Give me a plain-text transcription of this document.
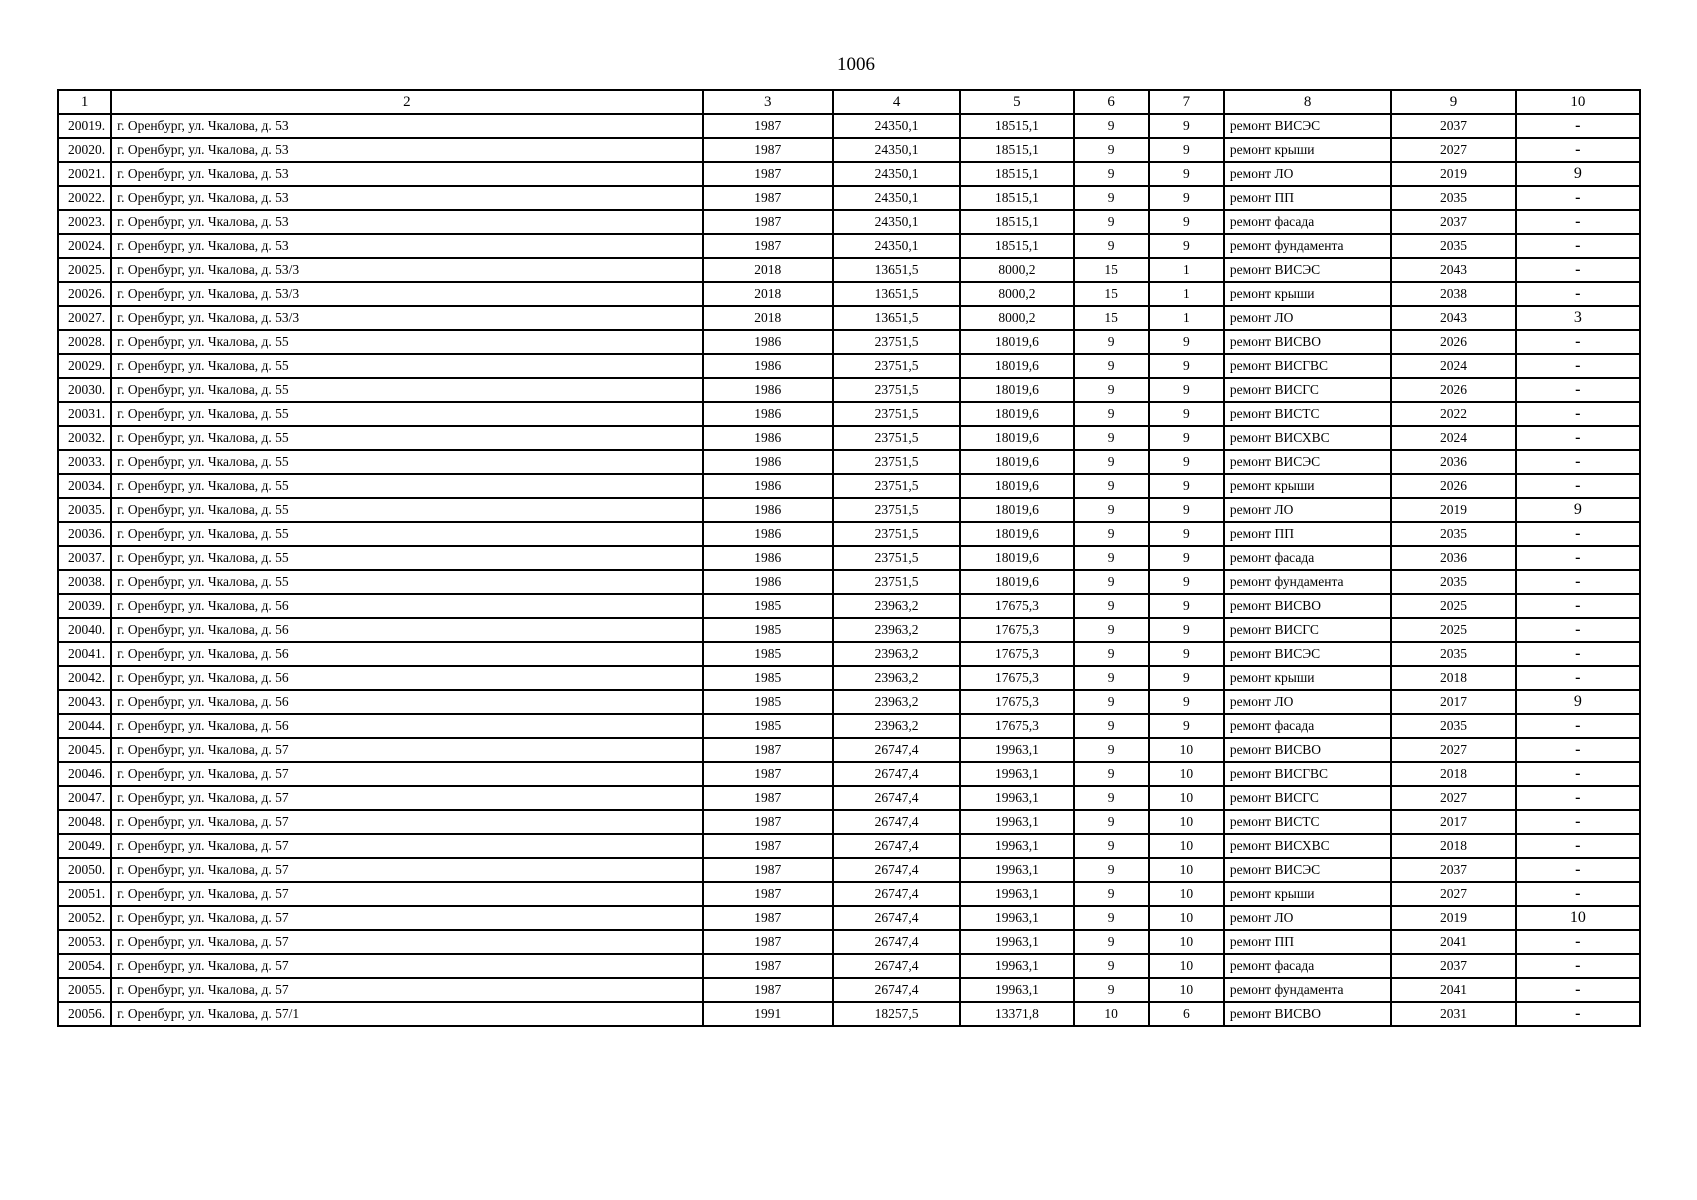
1006
1	2	3	4	5	6	7	8	9	10
20019.	г. Оренбург, ул. Чкалова, д. 53	1987	24350,1	18515,1	9	9	ремонт ВИСЭС	2037	-
20020.	г. Оренбург, ул. Чкалова, д. 53	1987	24350,1	18515,1	9	9	ремонт крыши	2027	-
20021.	г. Оренбург, ул. Чкалова, д. 53	1987	24350,1	18515,1	9	9	ремонт ЛО	2019	9
20022.	г. Оренбург, ул. Чкалова, д. 53	1987	24350,1	18515,1	9	9	ремонт ПП	2035	-
20023.	г. Оренбург, ул. Чкалова, д. 53	1987	24350,1	18515,1	9	9	ремонт фасада	2037	-
20024.	г. Оренбург, ул. Чкалова, д. 53	1987	24350,1	18515,1	9	9	ремонт фундамента	2035	-
20025.	г. Оренбург, ул. Чкалова, д. 53/3	2018	13651,5	8000,2	15	1	ремонт ВИСЭС	2043	-
20026.	г. Оренбург, ул. Чкалова, д. 53/3	2018	13651,5	8000,2	15	1	ремонт крыши	2038	-
20027.	г. Оренбург, ул. Чкалова, д. 53/3	2018	13651,5	8000,2	15	1	ремонт ЛО	2043	3
20028.	г. Оренбург, ул. Чкалова, д. 55	1986	23751,5	18019,6	9	9	ремонт ВИСВО	2026	-
20029.	г. Оренбург, ул. Чкалова, д. 55	1986	23751,5	18019,6	9	9	ремонт ВИСГВС	2024	-
20030.	г. Оренбург, ул. Чкалова, д. 55	1986	23751,5	18019,6	9	9	ремонт ВИСГС	2026	-
20031.	г. Оренбург, ул. Чкалова, д. 55	1986	23751,5	18019,6	9	9	ремонт ВИСТС	2022	-
20032.	г. Оренбург, ул. Чкалова, д. 55	1986	23751,5	18019,6	9	9	ремонт ВИСХВС	2024	-
20033.	г. Оренбург, ул. Чкалова, д. 55	1986	23751,5	18019,6	9	9	ремонт ВИСЭС	2036	-
20034.	г. Оренбург, ул. Чкалова, д. 55	1986	23751,5	18019,6	9	9	ремонт крыши	2026	-
20035.	г. Оренбург, ул. Чкалова, д. 55	1986	23751,5	18019,6	9	9	ремонт ЛО	2019	9
20036.	г. Оренбург, ул. Чкалова, д. 55	1986	23751,5	18019,6	9	9	ремонт ПП	2035	-
20037.	г. Оренбург, ул. Чкалова, д. 55	1986	23751,5	18019,6	9	9	ремонт фасада	2036	-
20038.	г. Оренбург, ул. Чкалова, д. 55	1986	23751,5	18019,6	9	9	ремонт фундамента	2035	-
20039.	г. Оренбург, ул. Чкалова, д. 56	1985	23963,2	17675,3	9	9	ремонт ВИСВО	2025	-
20040.	г. Оренбург, ул. Чкалова, д. 56	1985	23963,2	17675,3	9	9	ремонт ВИСГС	2025	-
20041.	г. Оренбург, ул. Чкалова, д. 56	1985	23963,2	17675,3	9	9	ремонт ВИСЭС	2035	-
20042.	г. Оренбург, ул. Чкалова, д. 56	1985	23963,2	17675,3	9	9	ремонт крыши	2018	-
20043.	г. Оренбург, ул. Чкалова, д. 56	1985	23963,2	17675,3	9	9	ремонт ЛО	2017	9
20044.	г. Оренбург, ул. Чкалова, д. 56	1985	23963,2	17675,3	9	9	ремонт фасада	2035	-
20045.	г. Оренбург, ул. Чкалова, д. 57	1987	26747,4	19963,1	9	10	ремонт ВИСВО	2027	-
20046.	г. Оренбург, ул. Чкалова, д. 57	1987	26747,4	19963,1	9	10	ремонт ВИСГВС	2018	-
20047.	г. Оренбург, ул. Чкалова, д. 57	1987	26747,4	19963,1	9	10	ремонт ВИСГС	2027	-
20048.	г. Оренбург, ул. Чкалова, д. 57	1987	26747,4	19963,1	9	10	ремонт ВИСТС	2017	-
20049.	г. Оренбург, ул. Чкалова, д. 57	1987	26747,4	19963,1	9	10	ремонт ВИСХВС	2018	-
20050.	г. Оренбург, ул. Чкалова, д. 57	1987	26747,4	19963,1	9	10	ремонт ВИСЭС	2037	-
20051.	г. Оренбург, ул. Чкалова, д. 57	1987	26747,4	19963,1	9	10	ремонт крыши	2027	-
20052.	г. Оренбург, ул. Чкалова, д. 57	1987	26747,4	19963,1	9	10	ремонт ЛО	2019	10
20053.	г. Оренбург, ул. Чкалова, д. 57	1987	26747,4	19963,1	9	10	ремонт ПП	2041	-
20054.	г. Оренбург, ул. Чкалова, д. 57	1987	26747,4	19963,1	9	10	ремонт фасада	2037	-
20055.	г. Оренбург, ул. Чкалова, д. 57	1987	26747,4	19963,1	9	10	ремонт фундамента	2041	-
20056.	г. Оренбург, ул. Чкалова, д. 57/1	1991	18257,5	13371,8	10	6	ремонт ВИСВО	2031	-
